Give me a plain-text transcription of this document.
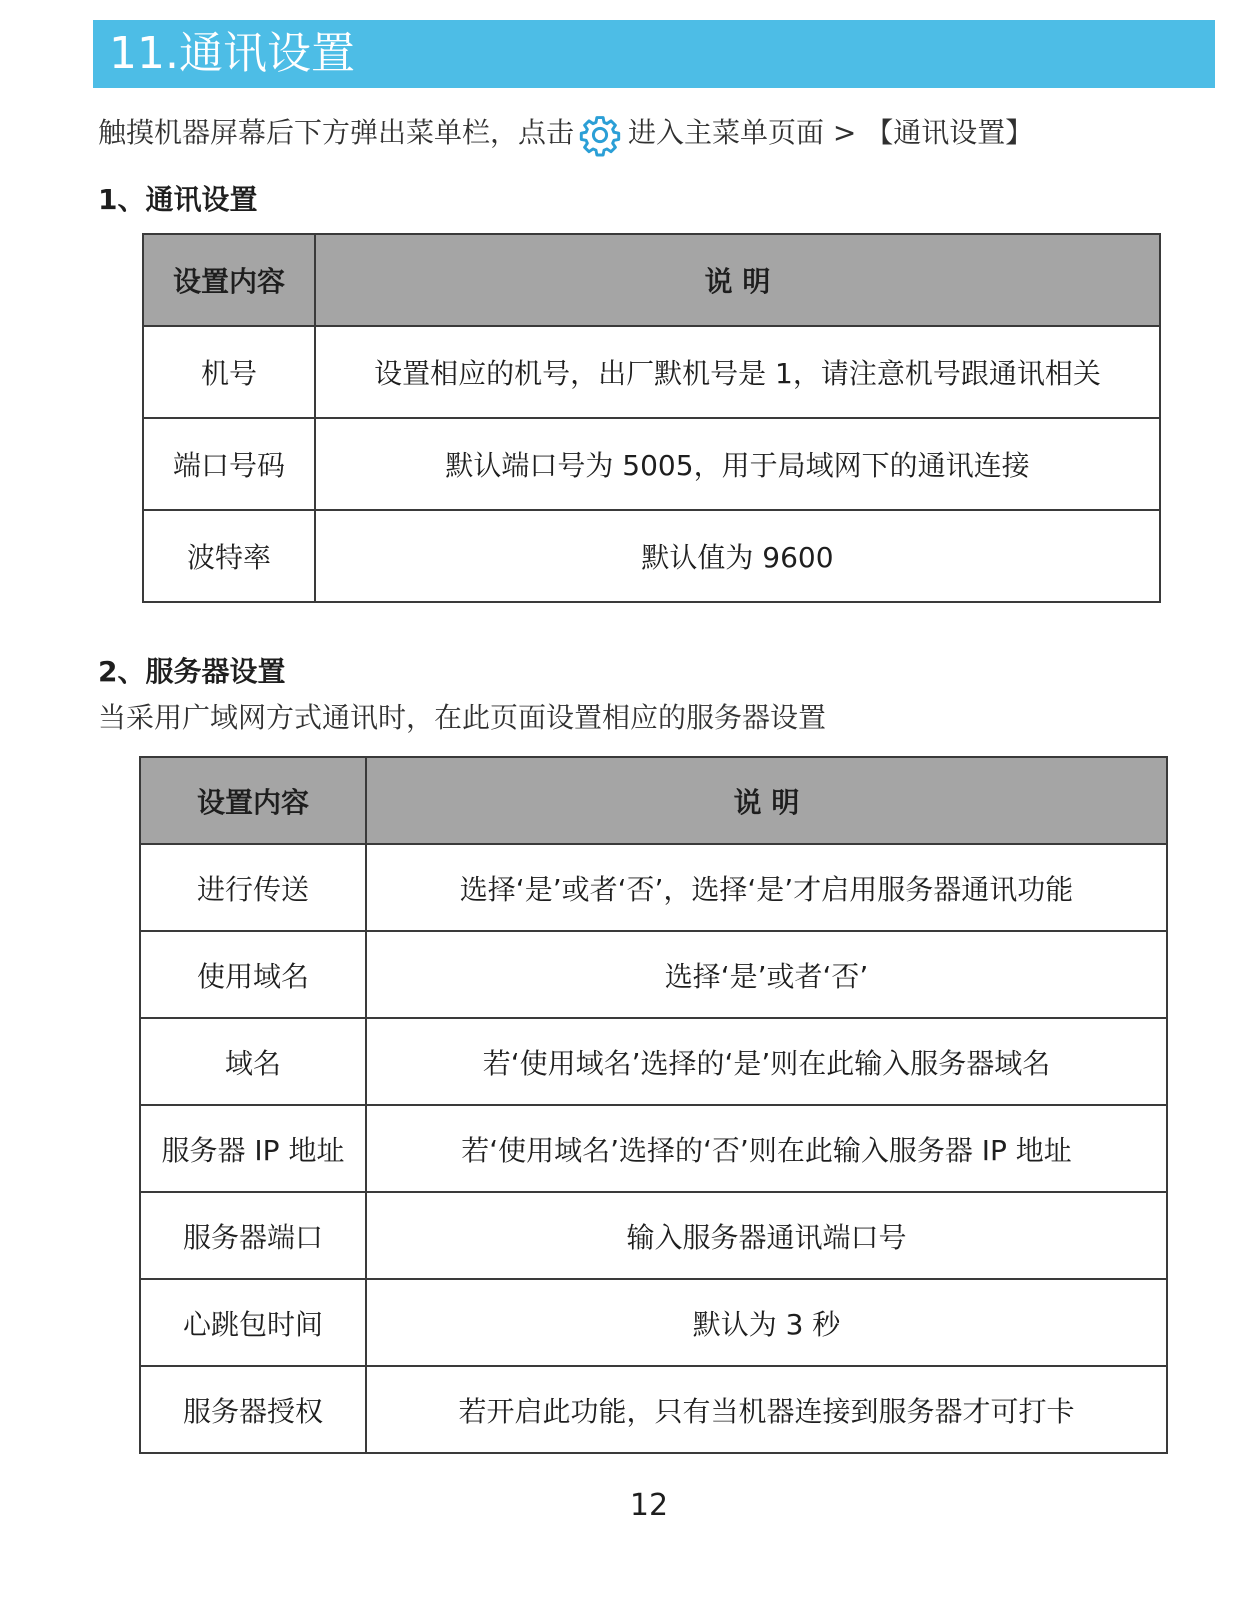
11.通讯设置
触摸机器屏幕后下方弹出菜单栏，点击 进入主菜单页面 > 【通讯设置】
1、通讯设置
设置内容	说 明
机号	设置相应的机号，出厂默机号是 1，请注意机号跟通讯相关
端口号码	默认端口号为 5005，用于局域网下的通讯连接
波特率	默认值为 9600
2、服务器设置
当采用广域网方式通讯时，在此页面设置相应的服务器设置
设置内容	说 明
进行传送	选择‘是’或者‘否’，选择‘是’才启用服务器通讯功能
使用域名	选择‘是’或者‘否’
域名	若‘使用域名’选择的‘是’则在此输入服务器域名
服务器 IP 地址	若‘使用域名’选择的‘否’则在此输入服务器 IP 地址
服务器端口	输入服务器通讯端口号
心跳包时间	默认为 3 秒
服务器授权	若开启此功能，只有当机器连接到服务器才可打卡
12
